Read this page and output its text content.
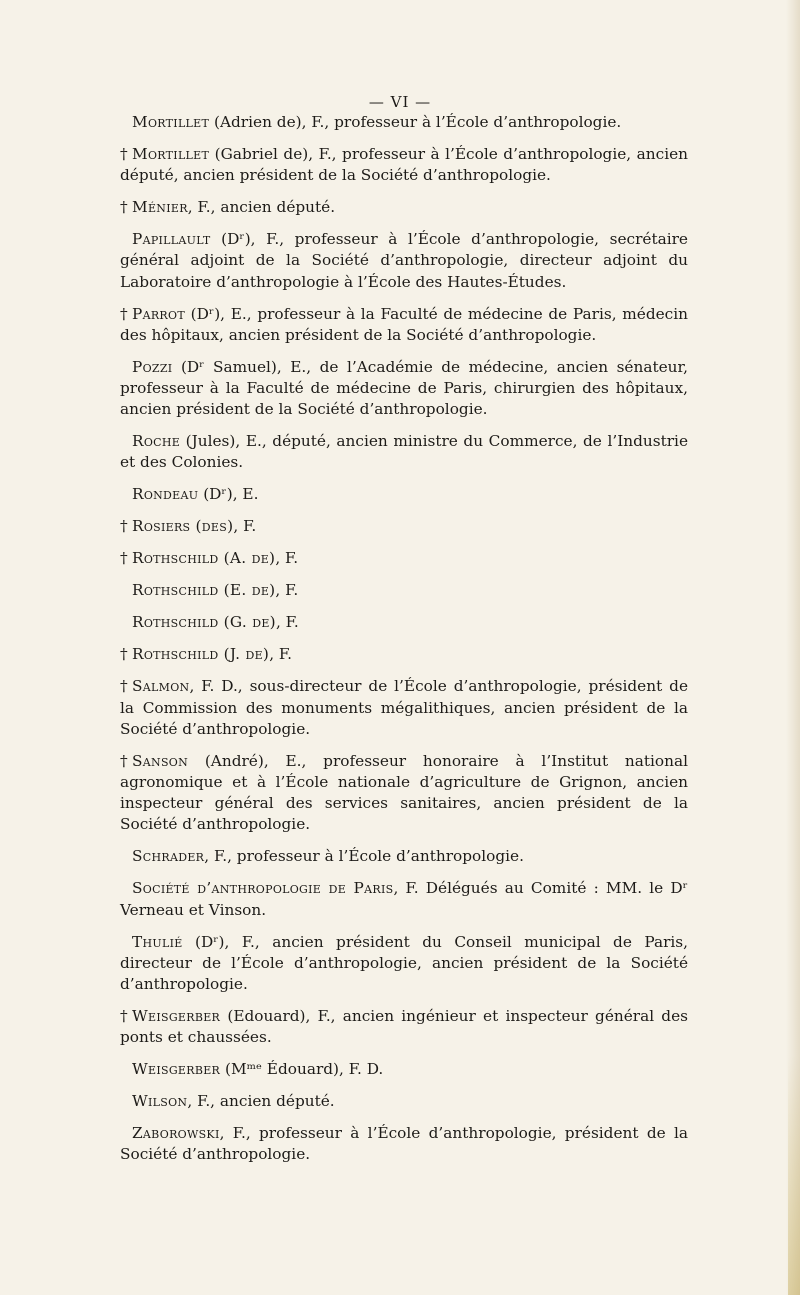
— VI —
Mortillet (Adrien de), F., professeur à l’École d’anthropologie.
†Mortillet (Gabriel de), F., professeur à l’École d’anthropologie, ancien député, ancien président de la Société d’anthropologie.
†Ménier, F., ancien député.
Papillault (Dʳ), F., professeur à l’École d’anthropologie, secrétaire général adjoint de la Société d’anthropologie, directeur adjoint du Laboratoire d’anthropologie à l’École des Hautes-Études.
†Parrot (Dʳ), E., professeur à la Faculté de médecine de Paris, médecin des hôpitaux, ancien président de la Société d’anthropologie.
Pozzi (Dʳ Samuel), E., de l’Académie de médecine, ancien sénateur, professeur à la Faculté de médecine de Paris, chirurgien des hôpitaux, ancien président de la Société d’anthropologie.
Roche (Jules), E., député, ancien ministre du Commerce, de l’Industrie et des Colonies.
Rondeau (Dʳ), E.
†Rosiers (des), F.
†Rothschild (A. de), F.
Rothschild (E. de), F.
Rothschild (G. de), F.
†Rothschild (J. de), F.
†Salmon, F. D., sous-directeur de l’École d’anthropologie, président de la Commission des monuments mégalithiques, ancien président de la Société d’anthropologie.
†Sanson (André), E., professeur honoraire à l’Institut national agronomique et à l’École nationale d’agriculture de Grignon, ancien inspecteur général des services sanitaires, ancien président de la Société d’anthropologie.
Schrader, F., professeur à l’École d’anthropologie.
Société d’anthropologie de Paris, F. Délégués au Comité : MM. le Dʳ Verneau et Vinson.
Thulié (Dʳ), F., ancien président du Conseil municipal de Paris, directeur de l’École d’anthropologie, ancien président de la Société d’anthropologie.
†Weisgerber (Edouard), F., ancien ingénieur et inspecteur général des ponts et chaussées.
Weisgerber (Mᵐᵉ Édouard), F. D.
Wilson, F., ancien député.
Zaborowski, F., professeur à l’École d’anthropologie, président de la Société d’anthropologie.
